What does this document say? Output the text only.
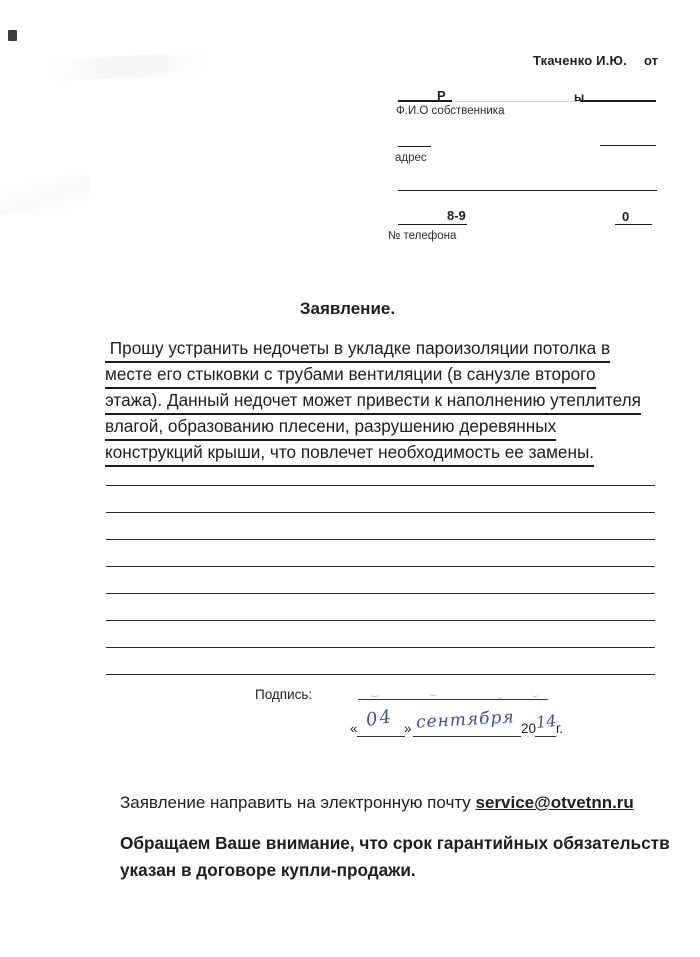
Ткаченко И.Ю. от
Р	ы
Ф.И.О собственника
адрес
8-9	0
№ телефона
Заявление.
Прошу устранить недочеты в укладке пароизоляции потолка в
месте его стыковки с трубами вентиляции (в санузле второго
этажа). Данный недочет может привести к наполнению утеплителя
влагой, образованию плесени, разрушению деревянных
конструкций крыши, что повлечет необходимость ее замены.
Подпись:
« 04 » сентября 20 14
г.
Заявление направить на электронную почту service@otvetnn.ru
Обращаем Ваше внимание, что срок гарантийных обязательств
указан в договоре купли-продажи.
